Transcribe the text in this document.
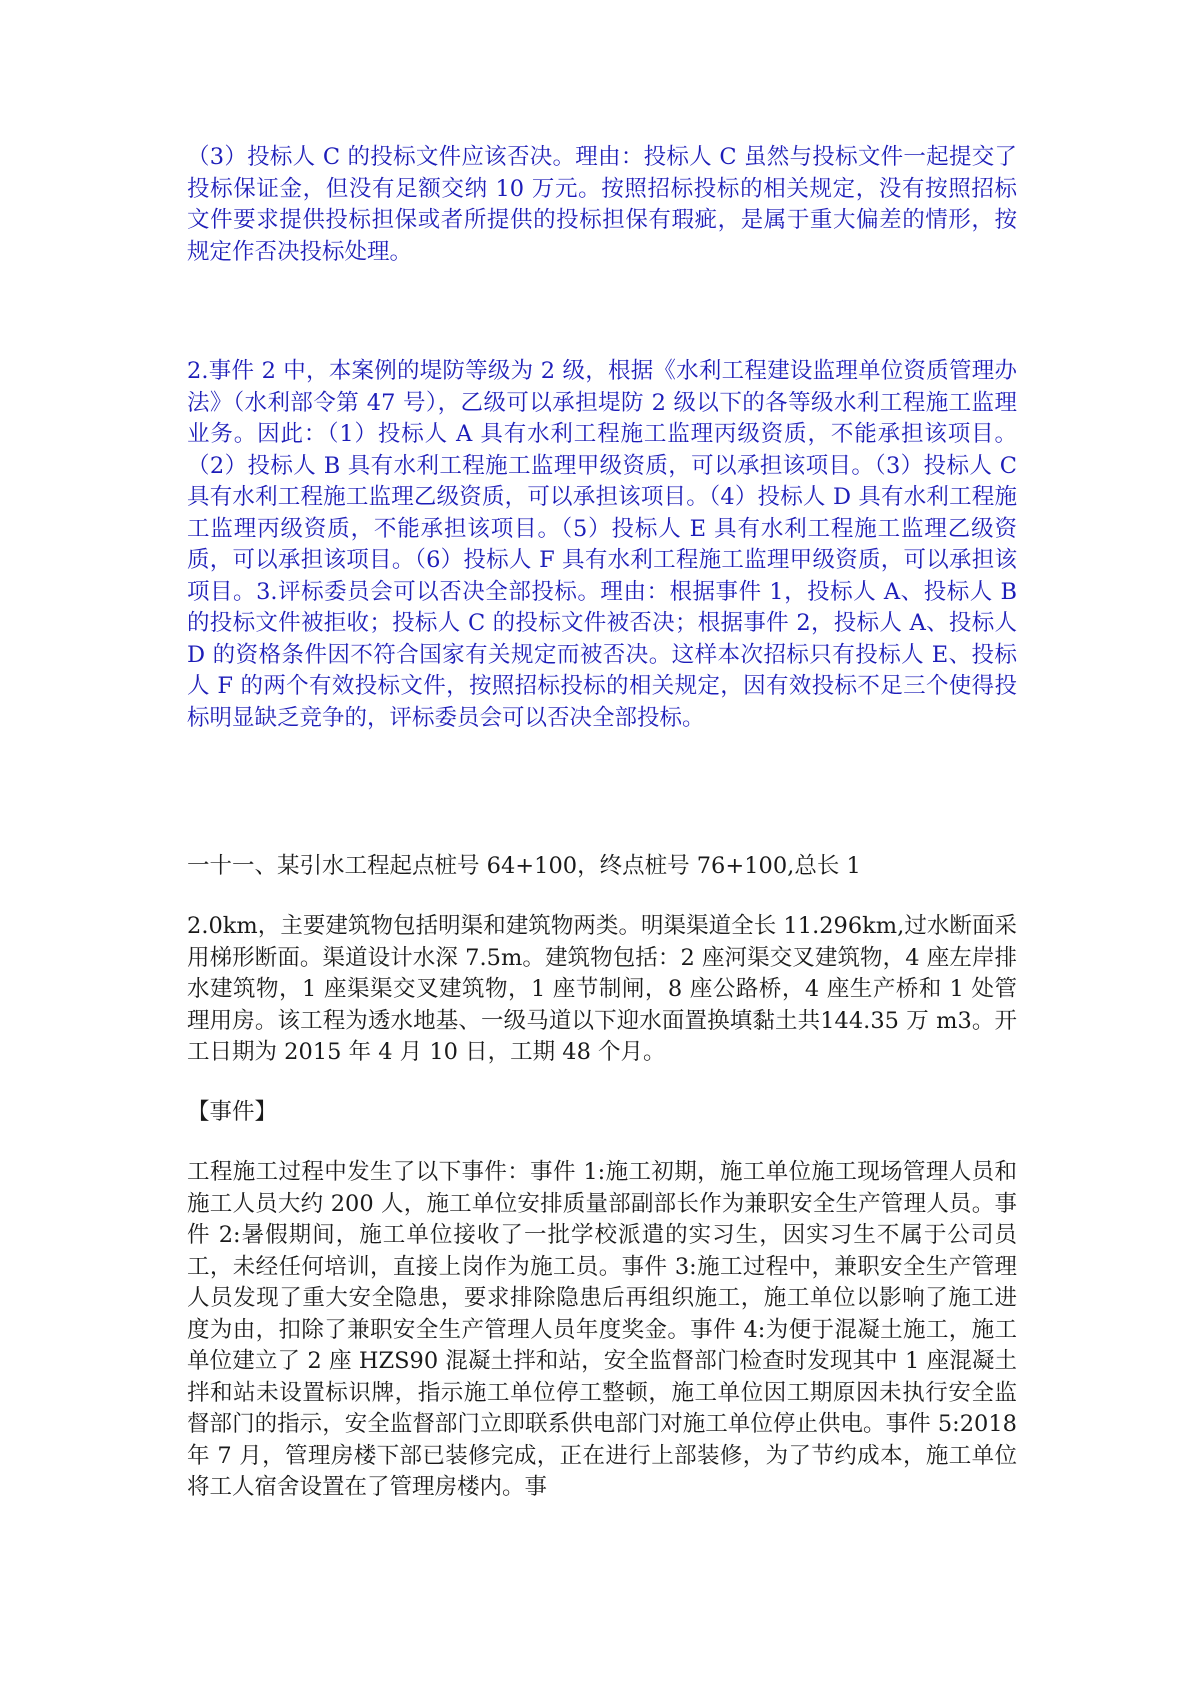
（3）投标人 C 的投标文件应该否决。理由：投标人 C 虽然与投标文件一起提交了投标保证金，但没有足额交纳 10 万元。按照招标投标的相关规定，没有按照招标文件要求提供投标担保或者所提供的投标担保有瑕疵，是属于重大偏差的情形，按规定作否决投标处理。

2.事件 2 中，本案例的堤防等级为 2 级，根据《水利工程建设监理单位资质管理办法》（水利部令第 47 号），乙级可以承担堤防 2 级以下的各等级水利工程施工监理业务。因此：（1）投标人 A 具有水利工程施工监理丙级资质，不能承担该项目。（2）投标人 B 具有水利工程施工监理甲级资质，可以承担该项目。（3）投标人 C 具有水利工程施工监理乙级资质，可以承担该项目。（4）投标人 D 具有水利工程施工监理丙级资质，不能承担该项目。（5）投标人 E 具有水利工程施工监理乙级资质，可以承担该项目。（6）投标人 F 具有水利工程施工监理甲级资质，可以承担该项目。3.评标委员会可以否决全部投标。理由：根据事件 1，投标人 A、投标人 B 的投标文件被拒收；投标人 C 的投标文件被否决；根据事件 2，投标人 A、投标人 D 的资格条件因不符合国家有关规定而被否决。这样本次招标只有投标人 E、投标人 F 的两个有效投标文件，按照招标投标的相关规定，因有效投标不足三个使得投标明显缺乏竞争的，评标委员会可以否决全部投标。

一十一、某引水工程起点桩号 64+100，终点桩号 76+100,总长 1

2.0km，主要建筑物包括明渠和建筑物两类。明渠渠道全长 11.296km,过水断面采用梯形断面。渠道设计水深 7.5m。建筑物包括：2 座河渠交叉建筑物，4 座左岸排水建筑物，1 座渠渠交叉建筑物，1 座节制闸，8 座公路桥，4 座生产桥和 1 处管理用房。该工程为透水地基、一级马道以下迎水面置换填黏土共144.35 万 m3。开工日期为 2015 年 4 月 10 日，工期 48 个月。

【事件】

工程施工过程中发生了以下事件：事件 1:施工初期，施工单位施工现场管理人员和施工人员大约 200 人，施工单位安排质量部副部长作为兼职安全生产管理人员。事件 2:暑假期间，施工单位接收了一批学校派遣的实习生，因实习生不属于公司员工，未经任何培训，直接上岗作为施工员。事件 3:施工过程中，兼职安全生产管理人员发现了重大安全隐患，要求排除隐患后再组织施工，施工单位以影响了施工进度为由，扣除了兼职安全生产管理人员年度奖金。事件 4:为便于混凝土施工，施工单位建立了 2 座 HZS90 混凝土拌和站，安全监督部门检查时发现其中 1 座混凝土拌和站未设置标识牌，指示施工单位停工整顿，施工单位因工期原因未执行安全监督部门的指示，安全监督部门立即联系供电部门对施工单位停止供电。事件 5:2018 年 7 月，管理房楼下部已装修完成，正在进行上部装修，为了节约成本，施工单位将工人宿舍设置在了管理房楼内。事
